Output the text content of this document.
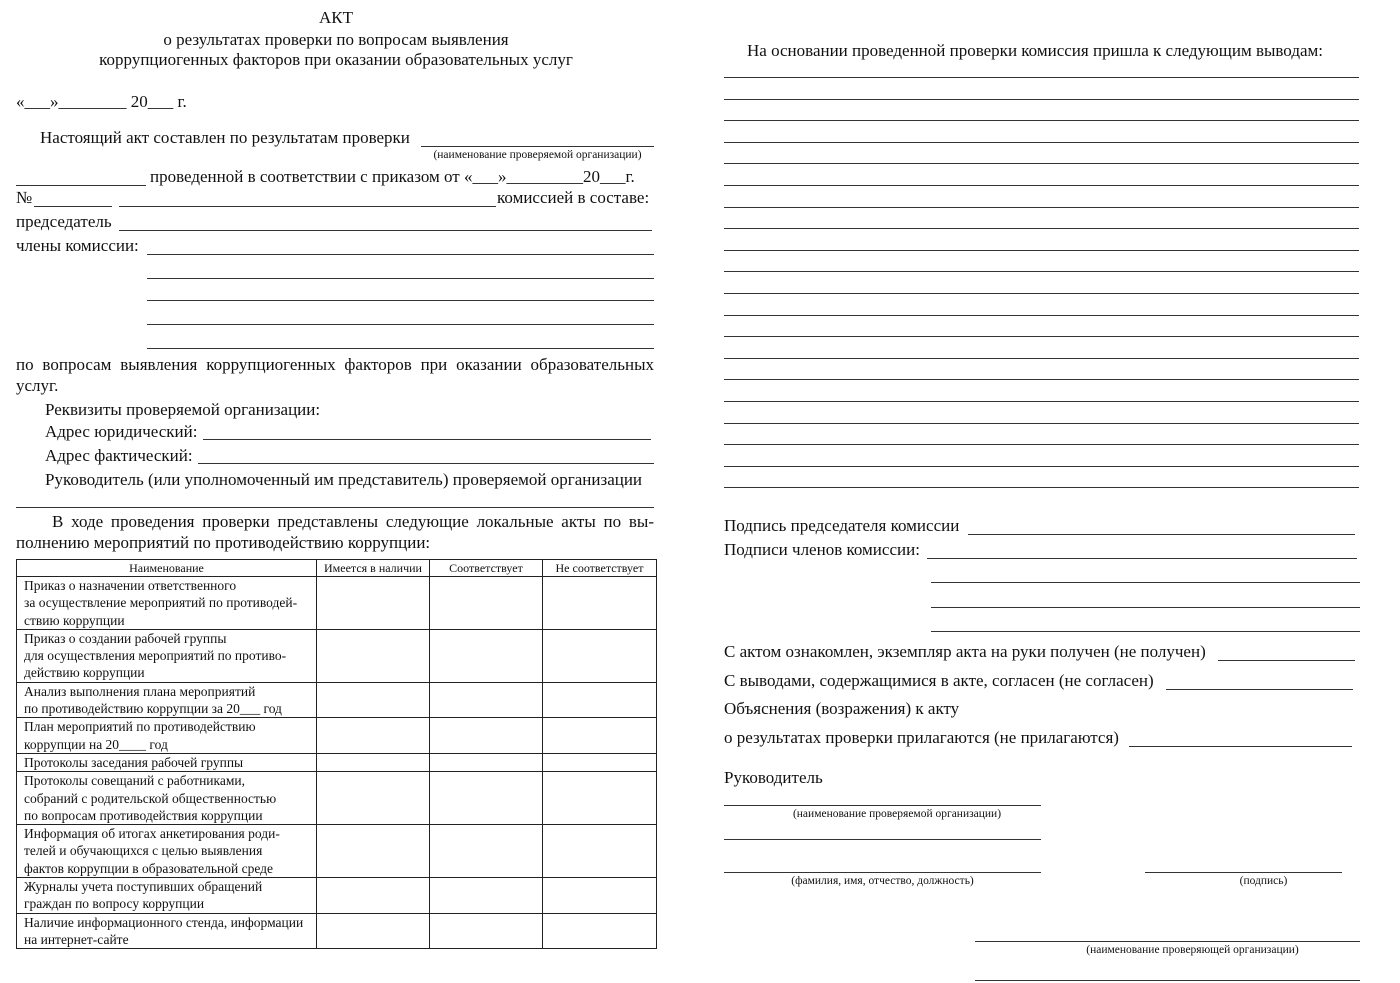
АКТ
о результатах проверки по вопросам выявления
коррупциогенных факторов при оказании образовательных услуг
«___»________ 20___ г.
Настоящий акт составлен по результатам проверки
(наименование проверяемой организации)
проведенной в соответствии с приказом от «___»_________20___г.
№	комиссией в составе:
председатель
члены комиссии:
по вопросам выявления коррупциогенных факторов при оказании образовательных
услуг.
Реквизиты проверяемой организации:
Адрес юридический:
Адрес фактический:
Руководитель (или уполномоченный им представитель) проверяемой организации
В ходе проведения проверки представлены следующие локальные акты по вы-
полнению мероприятий по противодействию коррупции:
Наименование	Имеется в наличии	Соответствует	Не соответствует

Приказ о назначении ответственного
за осуществление мероприятий по противодей-
ствию коррупции			

Приказ о создании рабочей группы
для осуществления мероприятий по противо-
действию коррупции			

Анализ выполнения плана мероприятий
по противодействию коррупции за 20___ год			

План мероприятий по противодействию
коррупции на 20____ год			

Протоколы заседания рабочей группы			

Протоколы совещаний с работниками,
собраний с родительской общественностью
по вопросам противодействия коррупции			

Информация об итогах анкетирования роди-
телей и обучающихся с целью выявления
фактов коррупции в образовательной среде			

Журналы учета поступивших обращений
граждан по вопросу коррупции			

Наличие информационного стенда, информации
на интернет-сайте			

На основании проведенной проверки комиссия пришла к следующим выводам:
Подпись председателя комиссии
Подписи членов комиссии:
С актом ознакомлен, экземпляр акта на руки получен (не получен)
С выводами, содержащимися в акте, согласен (не согласен)
Объяснения (возражения) к акту
о результатах проверки прилагаются (не прилагаются)
Руководитель
(наименование проверяемой организации)
(фамилия, имя, отчество, должность)	(подпись)
(наименование проверяющей организации)
